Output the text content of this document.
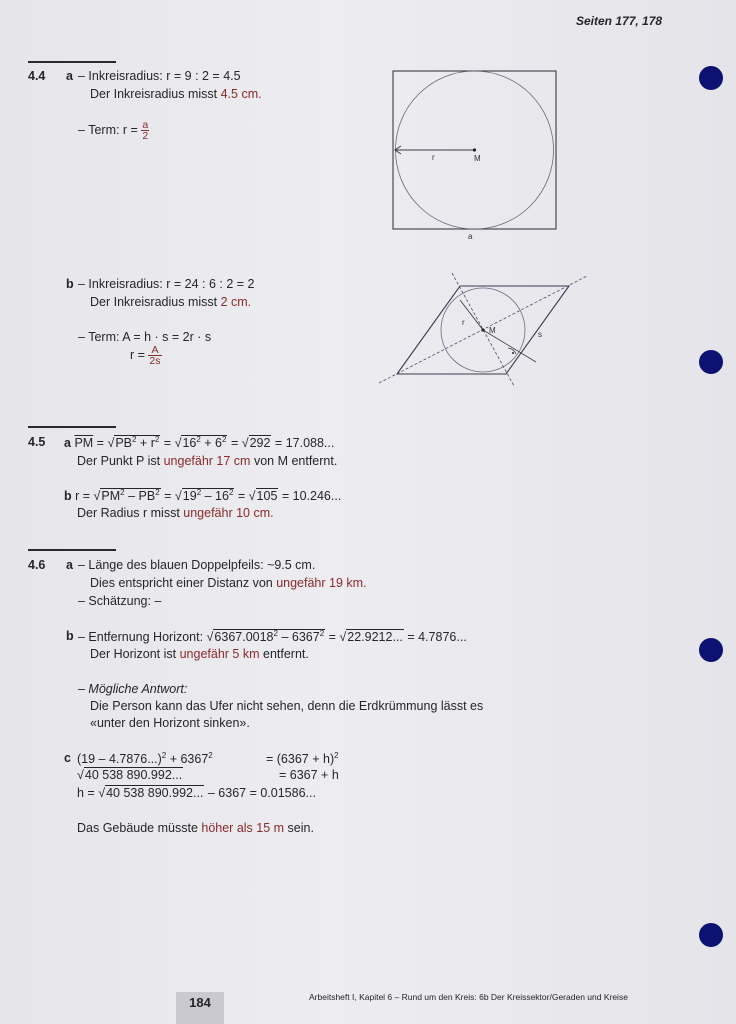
Seiten 177, 178
4.4 a – Inkreisradius: r = 9 : 2 = 4.5
Der Inkreisradius misst 4.5 cm.
– Term: $r = \frac{a}{2}$
r	M
a
b – Inkreisradius: r = 24 : 6 : 2 = 2
Der Inkreisradius misst 2 cm.
– Term: A = h · s = 2r · s
$r = \frac{A}{2s}$
r
M	s
4.5 a $\overline{PM} = √PB^2 + r^2 = √16^2 + 6^2 = √292 = 17.088$...
Der Punkt P ist ungefähr 17 cm von M entfernt.
b $r = √PM^2 - \overline{PB}^2 = √19^2 - 16^2 = √105 = 10.246$...
Der Radius r misst ungefähr 10 cm.
4.6 a – Länge des blauen Doppelpfeils: ~9.5 cm.
Dies entspricht einer Distanz von ungefähr 19 km.
– Schätzung: –
b – Entfernung Horizont: $√6367.0018^2 - 6367^2 = √22.9212$... = 4.7876...
Der Horizont ist ungefähr 5 km entfernt.
– Mögliche Antwort:
Die Person kann das Ufer nicht sehen, denn die Erdkrümmung lässt es
«unter den Horizont sinken».
c $(19 - 4.7876...)^2 + 6367^2$	= $(6367 + h)^2$
√40 538 890.992...	= 6367 + h
h = √40 538 890.992... – 6367 = 0.01586...
Das Gebäude müsste höher als 15 m sein.
184	Arbeitsheft I, Kapitel 6 – Rund um den Kreis: 6b Der Kreissektor/Geraden und Kreise
